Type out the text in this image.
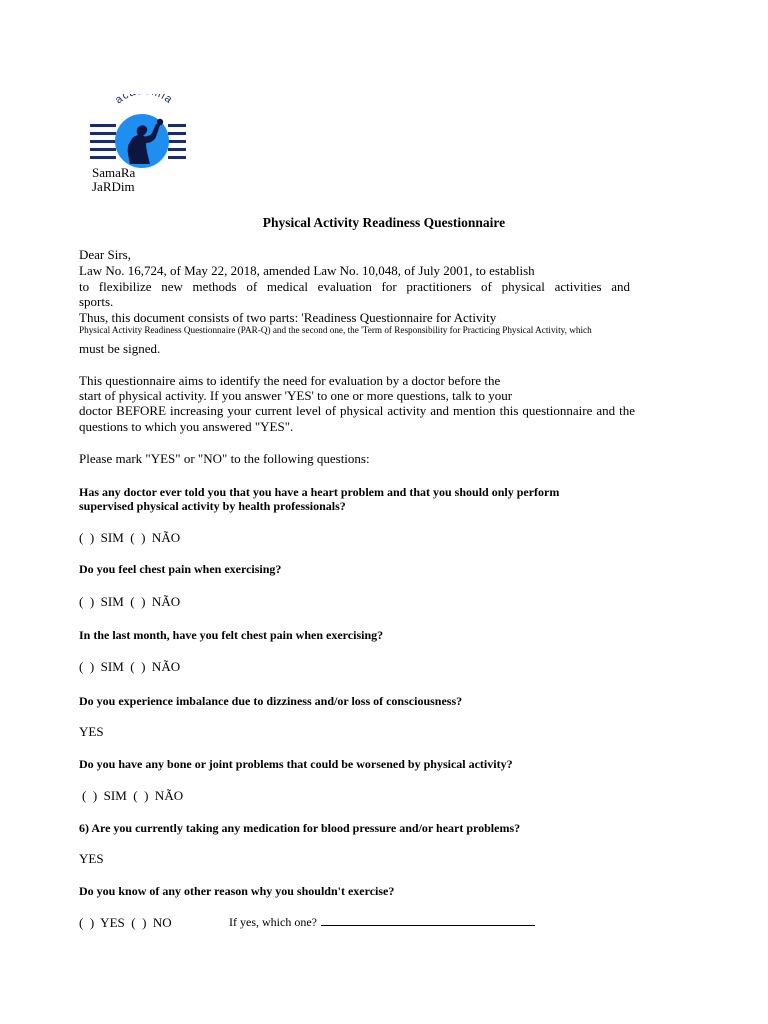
ac ia
SamaRa
JaRDim
Physical Activity Readiness Questionnaire
Dear Sirs,
Law No. 16,724, of May 22, 2018, amended Law No. 10,048, of July 2001, to establish
to flexibilize new methods of medical evaluation for practitioners of physical activities and
sports.
Thus, this document consists of two parts: 'Readiness Questionnaire for Activity
Physical Activity Readiness Questionnaire (PAR-Q) and the second one, the 'Term of Responsibility for Practicing Physical Activity, which
must be signed.
This questionnaire aims to identify the need for evaluation by a doctor before the
start of physical activity. If you answer 'YES' to one or more questions, talk to your
doctor BEFORE increasing your current level of physical activity and mention this questionnaire and the
questions to which you answered "YES".
Please mark "YES" or "NO" to the following questions:
Has any doctor ever told you that you have a heart problem and that you should only perform
supervised physical activity by health professionals?
(  )  SIM  (  )  NÃO
Do you feel chest pain when exercising?
(  )  SIM  (  )  NÃO
In the last month, have you felt chest pain when exercising?
(  )  SIM  (  )  NÃO
Do you experience imbalance due to dizziness and/or loss of consciousness?
YES
Do you have any bone or joint problems that could be worsened by physical activity?
(  )  SIM  (  )  NÃO
6) Are you currently taking any medication for blood pressure and/or heart problems?
YES
Do you know of any other reason why you shouldn't exercise?
(  )  YES  (  )  NO	If yes, which one?
